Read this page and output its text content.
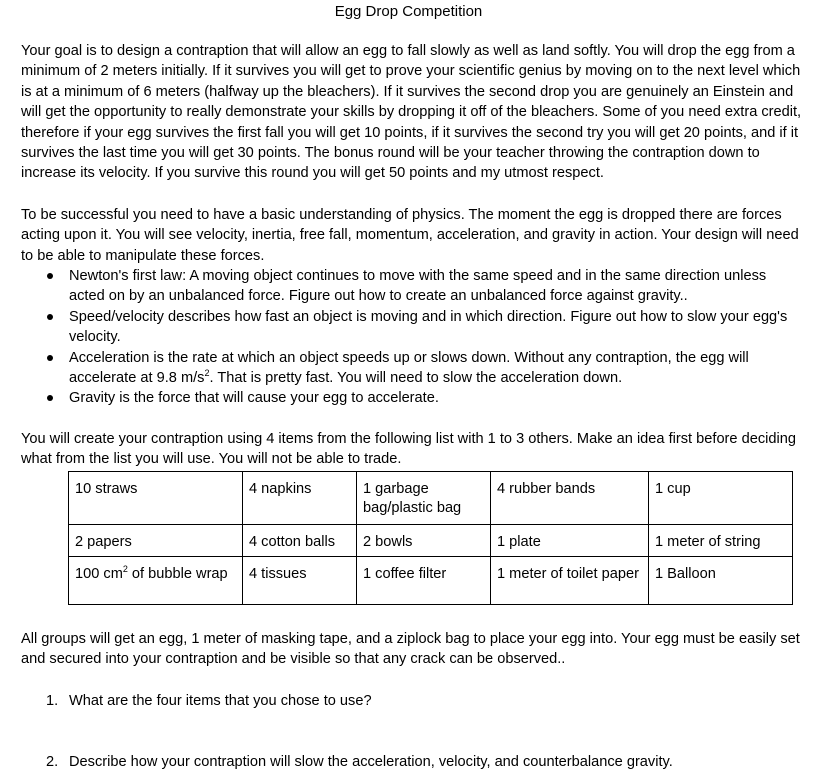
Egg Drop Competition

Your goal is to design a contraption that will allow an egg to fall slowly as well as land softly. You will drop the egg from a minimum of 2 meters initially. If it survives you will get to prove your scientific genius by moving on to the next level which is at a minimum of 6 meters (halfway up the bleachers). If it survives the second drop you are genuinely an Einstein and will get the opportunity to really demonstrate your skills by dropping it off of the bleachers. Some of you need extra credit, therefore if your egg survives the first fall you will get 10 points, if it survives the second try you will get 20 points, and if it survives the last time you will get 30 points. The bonus round will be your teacher throwing the contraption down to increase its velocity. If you survive this round you will get 50 points and my utmost respect.

To be successful you need to have a basic understanding of physics. The moment the egg is dropped there are forces acting upon it. You will see velocity, inertia, free fall, momentum, acceleration, and gravity in action. Your design will need to be able to manipulate these forces.

Newton's first law: A moving object continues to move with the same speed and in the same direction unless acted on by an unbalanced force. Figure out how to create an unbalanced force against gravity..
Speed/velocity describes how fast an object is moving and in which direction. Figure out how to slow your egg's velocity.
Acceleration is the rate at which an object speeds up or slows down. Without any contraption, the egg will accelerate at 9.8 $m/s^2$. That is pretty fast. You will need to slow the acceleration down.
Gravity is the force that will cause your egg to accelerate.

You will create your contraption using 4 items from the following list with 1 to 3 others. Make an idea first before deciding what from the list you will use. You will not be able to trade.

10 straws	4 napkins	1 garbage bag/plastic bag	4 rubber bands	1 cup
2 papers	4 cotton balls	2 bowls	1 plate	1 meter of string
100 $cm^2$ of bubble wrap	4 tissues	1 coffee filter	1 meter of toilet paper	1 Balloon

All groups will get an egg, 1 meter of masking tape, and a ziplock bag to place your egg into. Your egg must be easily set and secured into your contraption and be visible so that any crack can be observed..

1. What are the four items that you chose to use?
2. Describe how your contraption will slow the acceleration, velocity, and counterbalance gravity.
